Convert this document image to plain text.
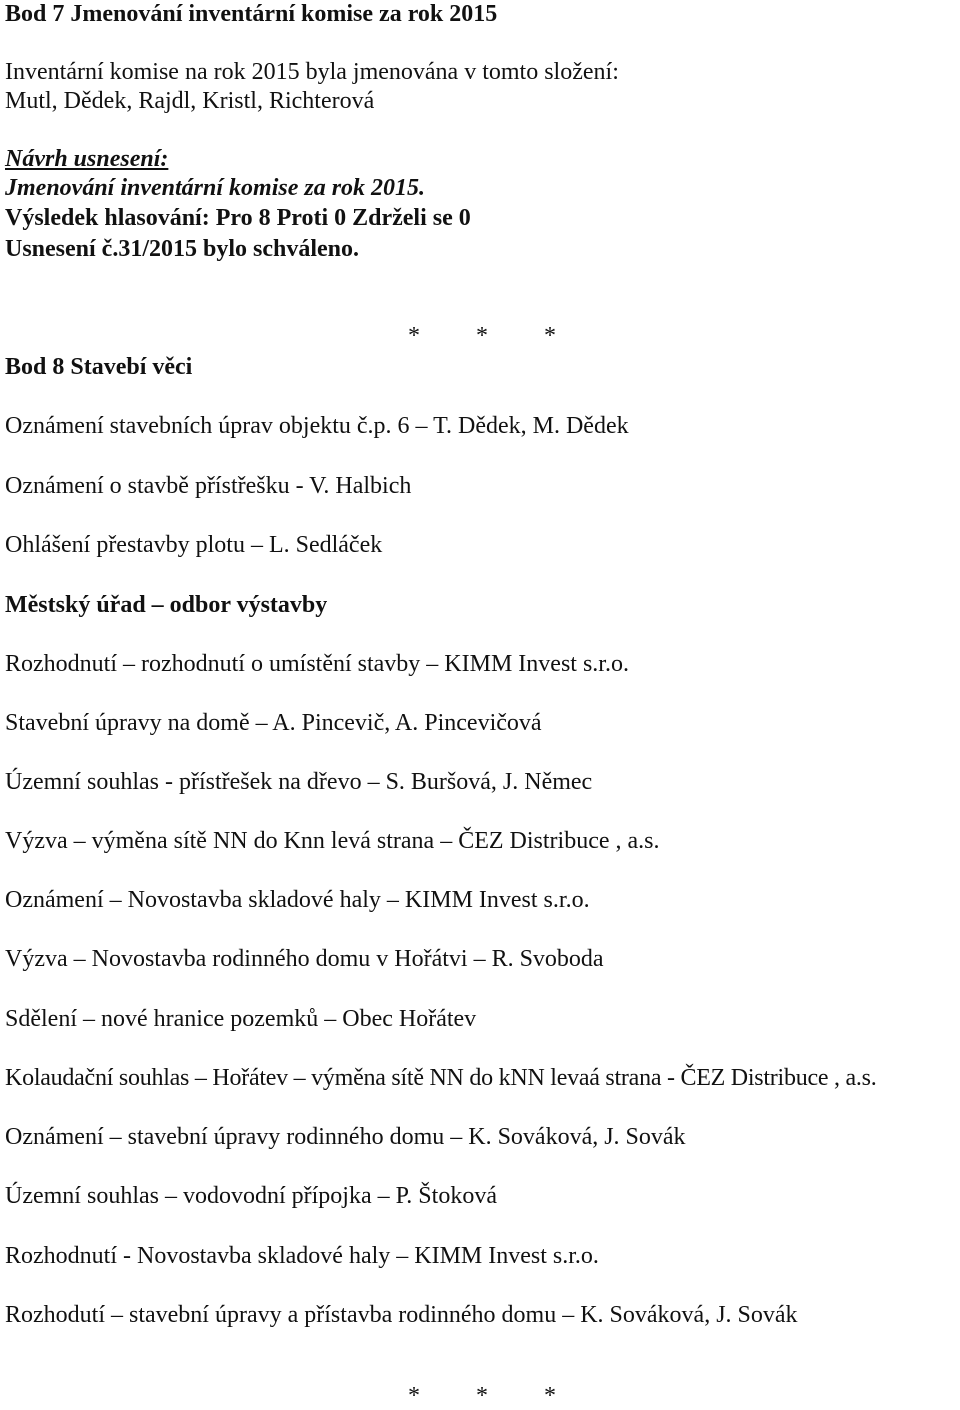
Bod 7 Jmenování inventární komise za rok 2015
Inventární komise na rok 2015 byla jmenována v tomto složení:
Mutl, Dědek, Rajdl, Kristl, Richterová
Návrh usnesení:
Jmenování inventární komise za rok 2015.
Výsledek hlasování: Pro 8 Proti 0 Zdrželi se 0
Usnesení č.31/2015 bylo schváleno.
* * *
Bod 8 Stavebí věci
Oznámení stavebních úprav objektu č.p. 6 – T. Dědek, M. Dědek
Oznámení o stavbě přístřešku - V. Halbich
Ohlášení přestavby plotu – L. Sedláček
Městský úřad – odbor výstavby
Rozhodnutí – rozhodnutí o umístění stavby – KIMM Invest s.r.o.
Stavební úpravy na domě – A. Pincevič, A. Pincevičová
Územní souhlas - přístřešek na dřevo – S. Buršová, J. Němec
Výzva – výměna sítě NN do Knn levá strana – ČEZ Distribuce , a.s.
Oznámení – Novostavba skladové haly – KIMM Invest s.r.o.
Výzva – Novostavba rodinného domu v Hořátvi – R. Svoboda
Sdělení – nové hranice pozemků – Obec Hořátev
Kolaudační souhlas – Hořátev – výměna sítě NN do kNN levaá strana - ČEZ Distribuce , a.s.
Oznámení – stavební úpravy rodinného domu – K. Sováková, J. Sovák
Územní souhlas – vodovodní přípojka – P. Štoková
Rozhodnutí - Novostavba skladové haly – KIMM Invest s.r.o.
Rozhodutí – stavební úpravy a přístavba rodinného domu – K. Sováková, J. Sovák
* * *
